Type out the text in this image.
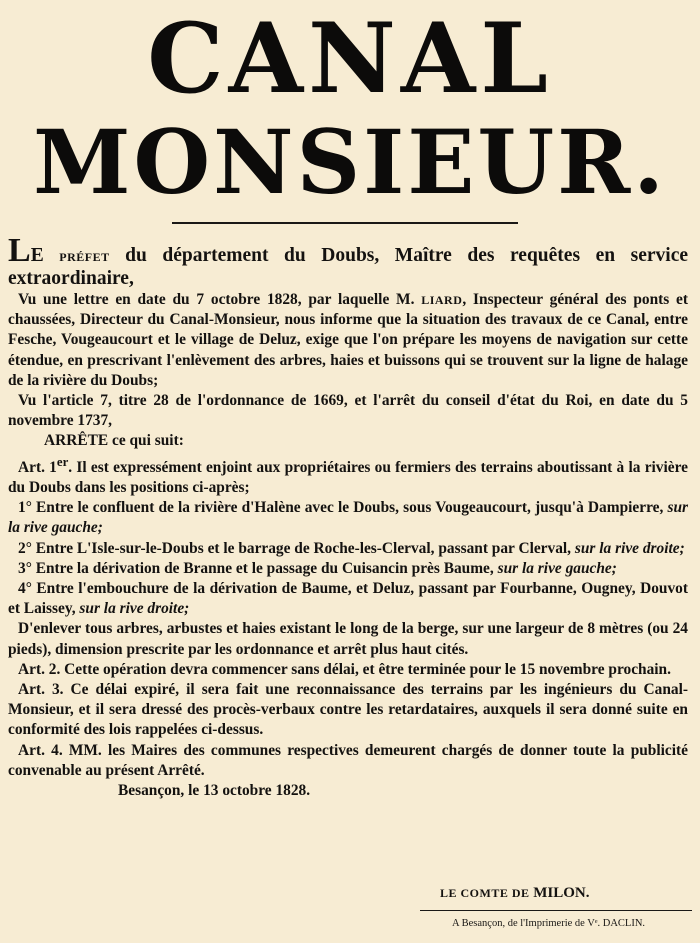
CANAL
MONSIEUR.

LE PRÉFET du département du Doubs, Maître des requêtes en service extraordinaire,

Vu une lettre en date du 7 octobre 1828, par laquelle M. LIARD, Inspecteur général des ponts et chaussées, Directeur du Canal-Monsieur, nous informe que la situation des travaux de ce Canal, entre Fesche, Vougeaucourt et le village de Deluz, exige que l'on prépare les moyens de navigation sur cette étendue, en prescrivant l'enlèvement des arbres, haies et buissons qui se trouvent sur la ligne de halage de la rivière du Doubs;

Vu l'article 7, titre 28 de l'ordonnance de 1669, et l'arrêt du conseil d'état du Roi, en date du 5 novembre 1737,

ARRÊTE ce qui suit:

Art. 1er. Il est expressément enjoint aux propriétaires ou fermiers des terrains aboutissant à la rivière du Doubs dans les positions ci-après;

1° Entre le confluent de la rivière d'Halène avec le Doubs, sous Vougeaucourt, jusqu'à Dampierre, sur la rive gauche;

2° Entre L'Isle-sur-le-Doubs et le barrage de Roche-les-Clerval, passant par Clerval, sur la rive droite;

3° Entre la dérivation de Branne et le passage du Cuisancin près Baume, sur la rive gauche;

4° Entre l'embouchure de la dérivation de Baume, et Deluz, passant par Fourbanne, Ougney, Douvot et Laissey, sur la rive droite;

D'enlever tous arbres, arbustes et haies existant le long de la berge, sur une largeur de 8 mètres (ou 24 pieds), dimension prescrite par les ordonnance et arrêt plus haut cités.

Art. 2. Cette opération devra commencer sans délai, et être terminée pour le 15 novembre prochain.

Art. 3. Ce délai expiré, il sera fait une reconnaissance des terrains par les ingénieurs du Canal-Monsieur, et il sera dressé des procès-verbaux contre les retardataires, auxquels il sera donné suite en conformité des lois rappelées ci-dessus.

Art. 4. MM. les Maires des communes respectives demeurent chargés de donner toute la publicité convenable au présent Arrêté.

Besançon, le 13 octobre 1828.

LE COMTE DE MILON.
A Besançon, de l'Imprimerie de Vᵉ. DACLIN.
